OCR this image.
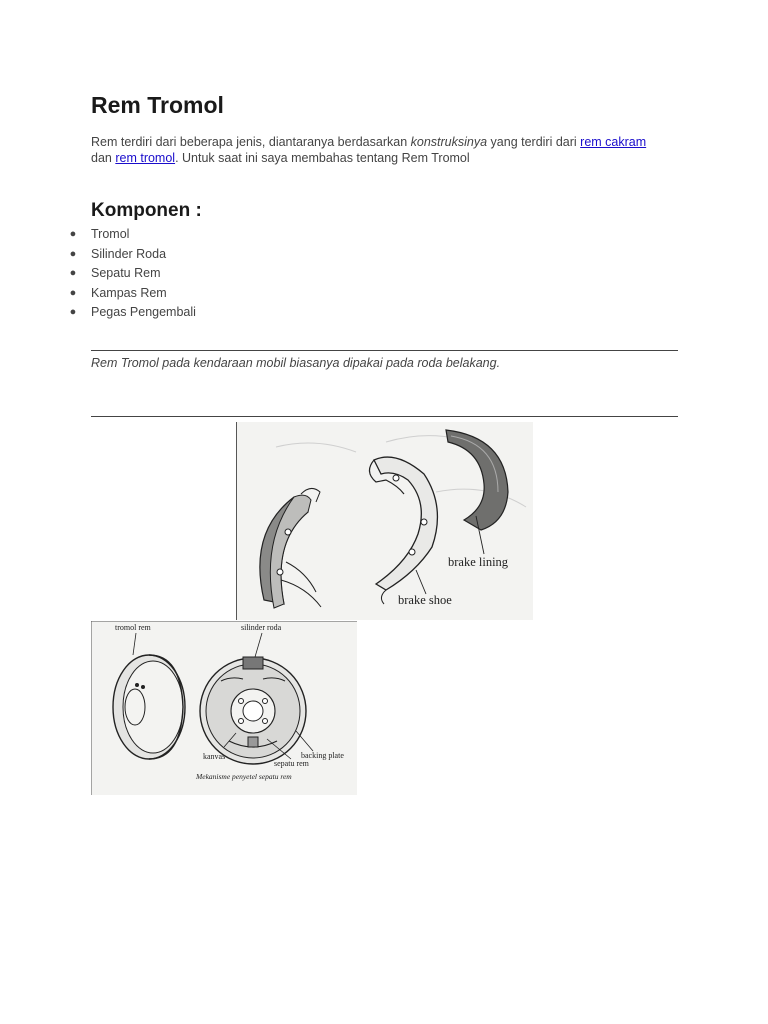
Rem Tromol

Rem terdiri dari beberapa jenis, diantaranya berdasarkan konstruksinya yang terdiri dari rem cakram dan rem tromol. Untuk saat ini saya membahas tentang Rem Tromol

Komponen :
● Tromol
● Silinder Roda
● Sepatu Rem
● Kampas Rem
● Pegas Pengembali

Rem Tromol pada kendaraan mobil biasanya dipakai pada roda belakang.

brake lining
brake shoe
tromol rem	silinder roda
kanvas
sepatu rem
backing plate
Mekanisme penyetel sepatu rem
